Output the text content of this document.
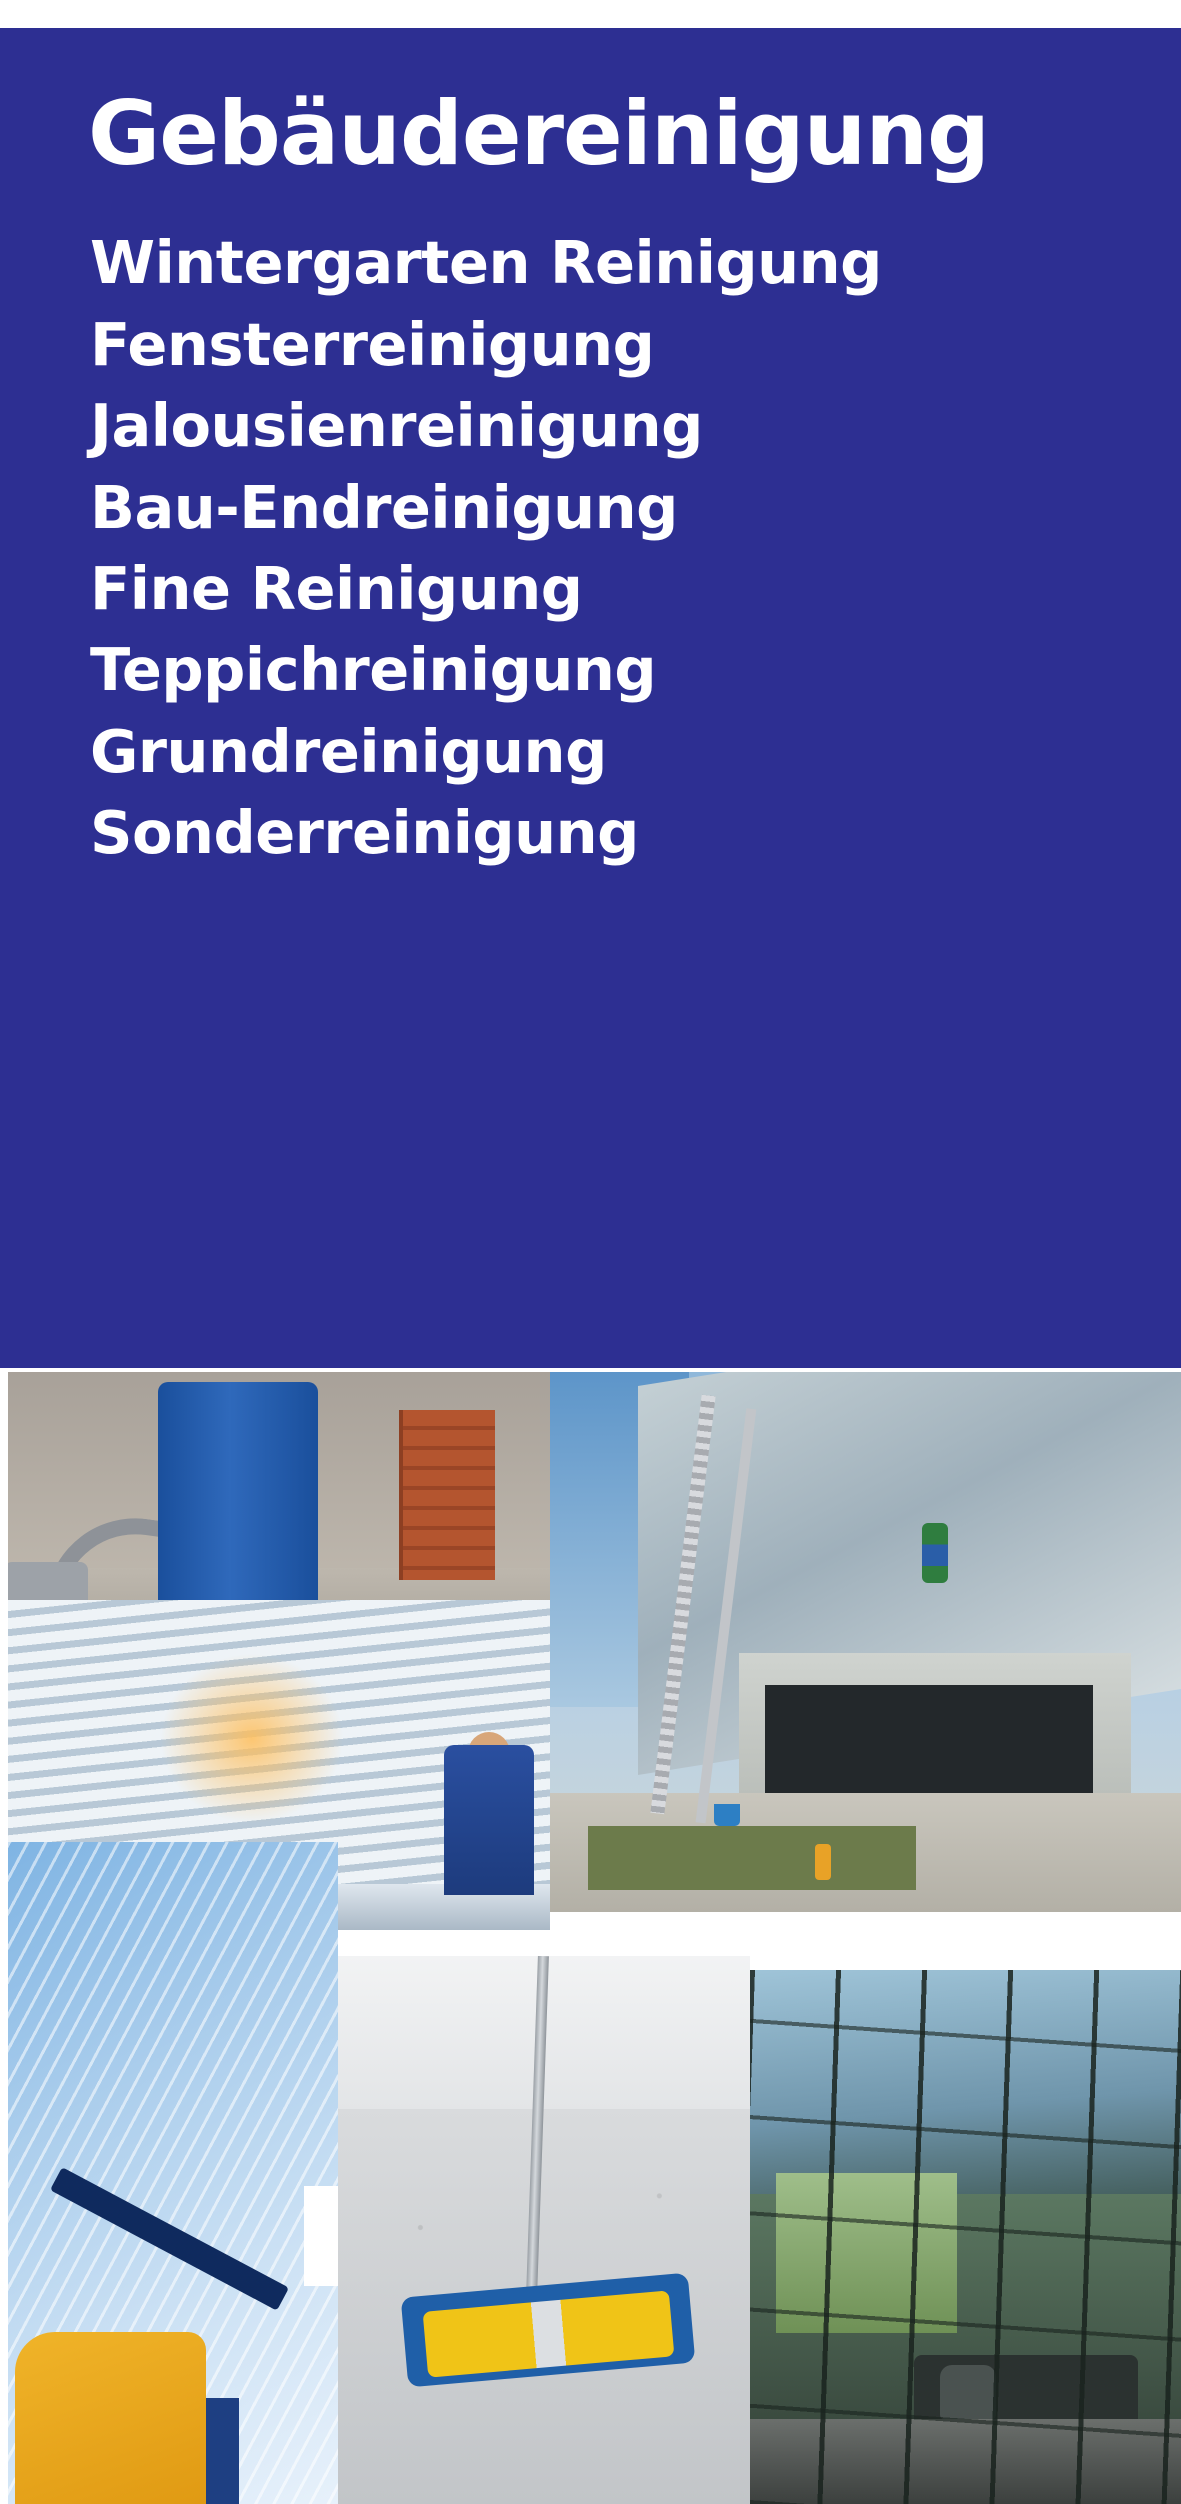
Gebäudereinigung
Wintergarten Reinigung
Fensterreinigung
Jalousienreinigung
Bau-Endreinigung
Fine Reinigung
Teppichreinigung
Grundreinigung
Sonderreinigung
